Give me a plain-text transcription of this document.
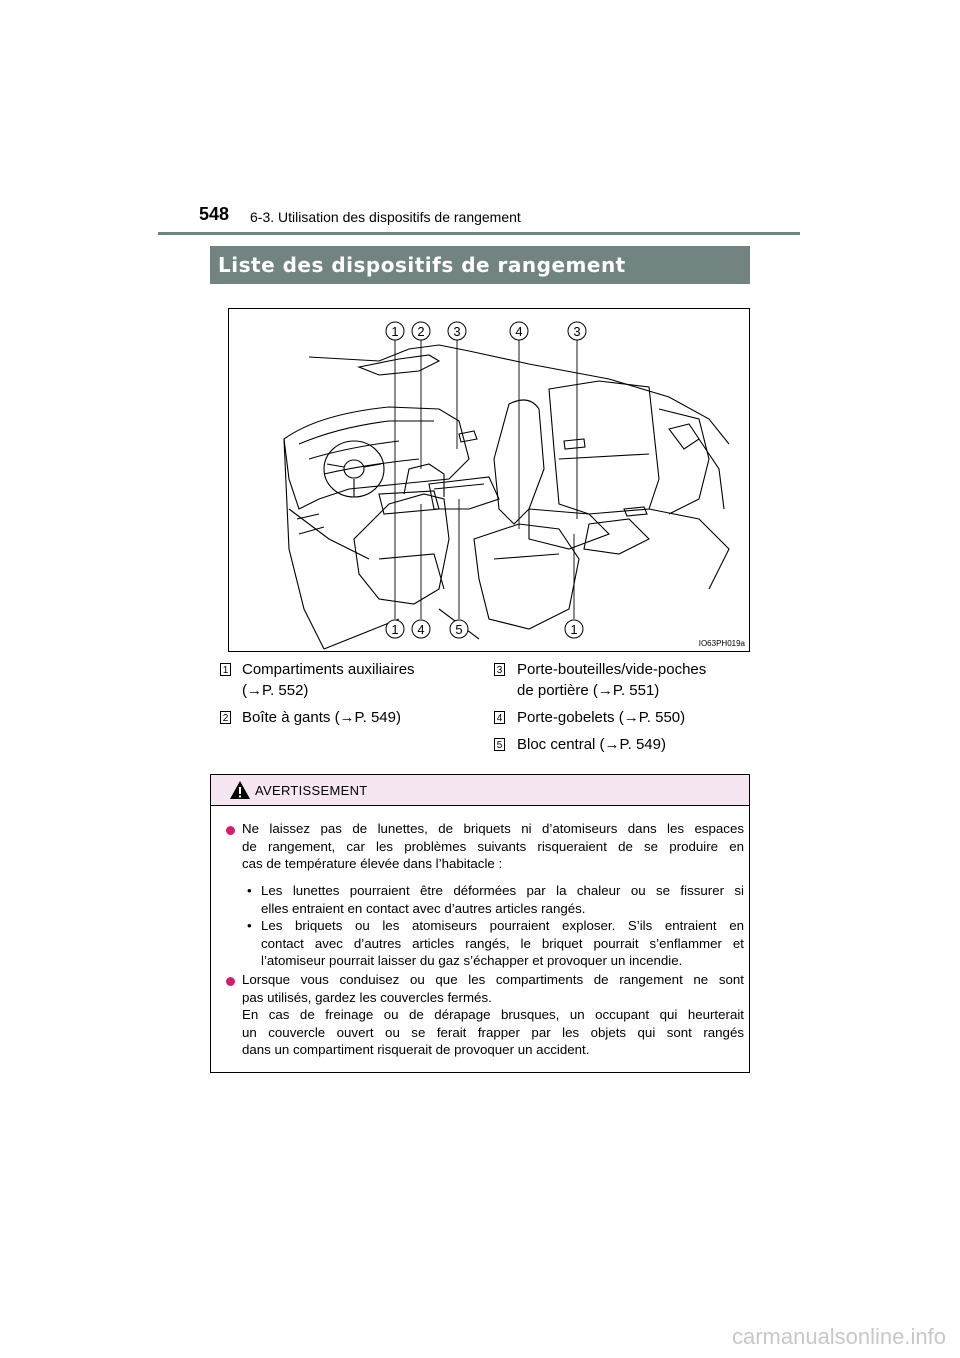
548 6-3. Utilisation des dispositifs de rangement
Liste des dispositifs de rangement
1 2 3	4	3
1 4 5	1
IO63PH019a
1 Compartiments auxiliaires
(→P. 552)
2 Boîte à gants (→P. 549)
3 Porte-bouteilles/vide-poches
de portière (→P. 551)
4 Porte-gobelets (→P. 550)
5 Bloc central (→P. 549)
AVERTISSEMENT
Ne laissez pas de lunettes, de briquets ni d’atomiseurs dans les espaces
de rangement, car les problèmes suivants risqueraient de se produire en
cas de température élevée dans l’habitacle :
• Les lunettes pourraient être déformées par la chaleur ou se fissurer si
elles entraient en contact avec d’autres articles rangés.
• Les briquets ou les atomiseurs pourraient exploser. S’ils entraient en
contact avec d’autres articles rangés, le briquet pourrait s’enflammer et
l’atomiseur pourrait laisser du gaz s’échapper et provoquer un incendie.
Lorsque vous conduisez ou que les compartiments de rangement ne sont
pas utilisés, gardez les couvercles fermés.
En cas de freinage ou de dérapage brusques, un occupant qui heurterait
un couvercle ouvert ou se ferait frapper par les objets qui sont rangés
dans un compartiment risquerait de provoquer un accident.
carmanualsonline.info
